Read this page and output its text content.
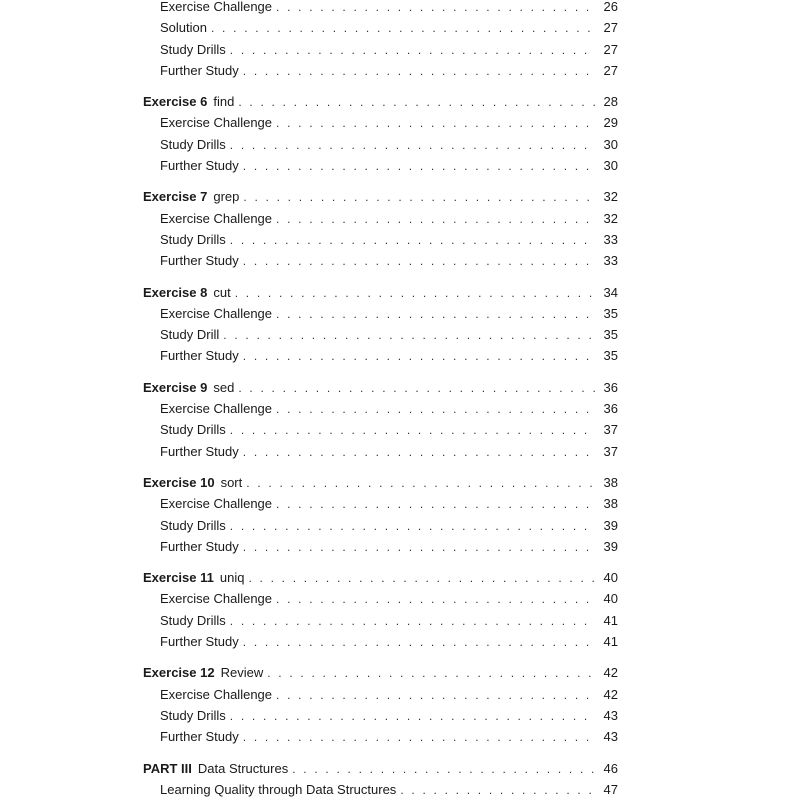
Exercise Challenge . . .	26
Solution . . .	27
Study Drills . . .	27
Further Study . . .	27
Exercise 6 find . . .	28
Exercise Challenge . . .	29
Study Drills . . .	30
Further Study . . .	30
Exercise 7 grep . . .	32
Exercise Challenge . . .	32
Study Drills . . .	33
Further Study . . .	33
Exercise 8 cut . . .	34
Exercise Challenge . . .	35
Study Drill . . .	35
Further Study . . .	35
Exercise 9 sed . . .	36
Exercise Challenge . . .	36
Study Drills . . .	37
Further Study . . .	37
Exercise 10 sort . . .	38
Exercise Challenge . . .	38
Study Drills . . .	39
Further Study . . .	39
Exercise 11 uniq . . .	40
Exercise Challenge . . .	40
Study Drills . . .	41
Further Study . . .	41
Exercise 12 Review . . .	42
Exercise Challenge . . .	42
Study Drills . . .	43
Further Study . . .	43
PART III Data Structures . . .	46
Learning Quality through Data Structures . . .	47
